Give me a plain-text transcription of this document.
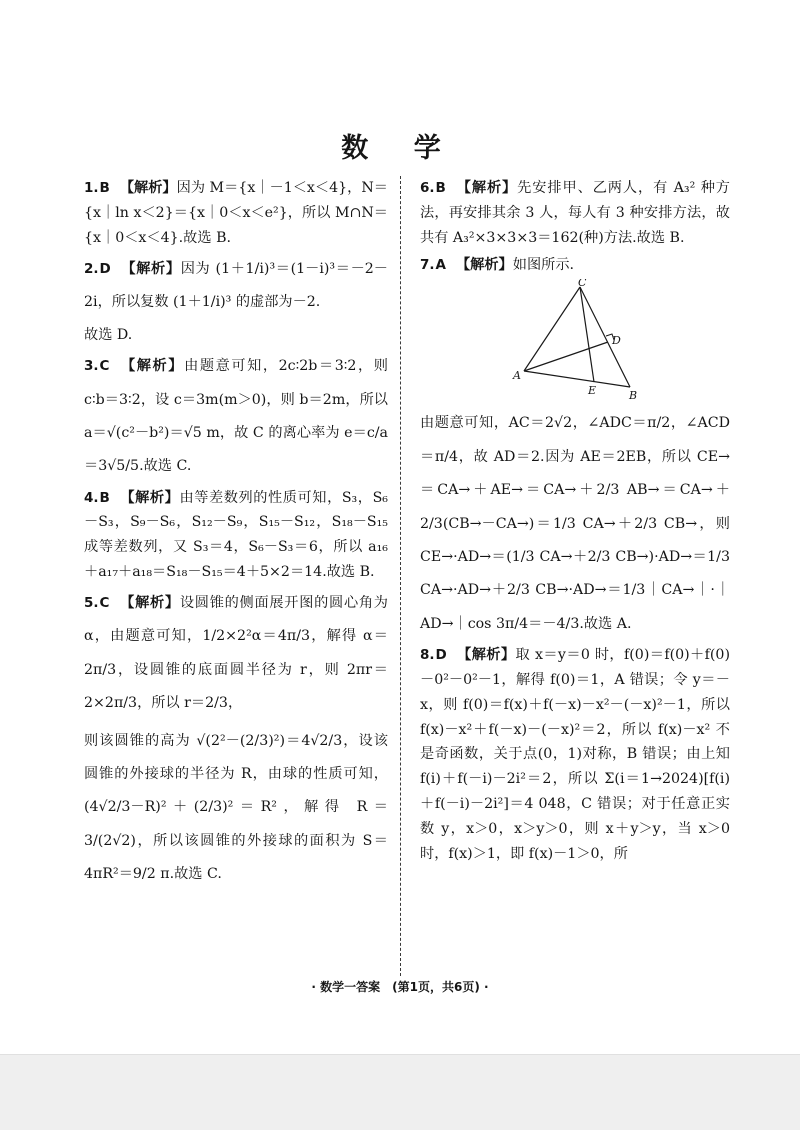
数 学

1.B 【解析】因为 M＝{x｜－1＜x＜4}，N＝{x｜ln x＜2}＝{x｜0＜x＜e²}，所以 M∩N＝{x｜0＜x＜4}.故选 B.

2.D 【解析】因为 (1＋1/i)³＝(1－i)³＝－2－2i，所以复数 (1＋1/i)³ 的虚部为－2.

故选 D.

3.C 【解析】由题意可知，2c∶2b＝3∶2，则 c∶b＝3∶2，设 c＝3m(m＞0)，则 b＝2m，所以 a＝√(c²－b²)＝√5 m，故 C 的离心率为 e＝c/a＝3√5/5.故选 C.

4.B 【解析】由等差数列的性质可知，S₃，S₆－S₃，S₉－S₆，S₁₂－S₉，S₁₅－S₁₂，S₁₈－S₁₅ 成等差数列，又 S₃＝4，S₆－S₃＝6，所以 a₁₆＋a₁₇＋a₁₈＝S₁₈－S₁₅＝4＋5×2＝14.故选 B.

5.C 【解析】设圆锥的侧面展开图的圆心角为 α，由题意可知，1/2×2²α＝4π/3，解得 α＝2π/3，设圆锥的底面圆半径为 r，则 2πr＝2×2π/3，所以 r＝2/3，

则该圆锥的高为 √(2²－(2/3)²)＝4√2/3，设该圆锥的外接球的半径为 R，由球的性质可知，(4√2/3－R)²＋(2/3)²＝R²，解得 R＝3/(2√2)，所以该圆锥的外接球的面积为 S＝4πR²＝9/2 π.故选 C.

6.B 【解析】先安排甲、乙两人，有 A₃² 种方法，再安排其余 3 人，每人有 3 种安排方法，故共有 A₃²×3×3×3＝162(种)方法.故选 B.

7.A 【解析】如图所示.

C
D
A
E	B

由题意可知，AC＝2√2，∠ADC＝π/2，∠ACD＝π/4，故 AD＝2.因为 AE＝2EB，所以 CE→＝CA→＋AE→＝CA→＋2/3 AB→＝CA→＋2/3(CB→－CA→)＝1/3 CA→＋2/3 CB→，则 CE→·AD→＝(1/3 CA→＋2/3 CB→)·AD→＝1/3 CA→·AD→＋2/3 CB→·AD→＝1/3｜CA→｜·｜AD→｜cos 3π/4＝－4/3.故选 A.

8.D 【解析】取 x＝y＝0 时，f(0)＝f(0)＋f(0)－0²－0²－1，解得 f(0)＝1，A 错误；令 y＝－x，则 f(0)＝f(x)＋f(－x)－x²－(－x)²－1，所以 f(x)－x²＋f(－x)－(－x)²＝2，所以 f(x)－x² 不是奇函数，关于点(0，1)对称，B 错误；由上知 f(i)＋f(－i)－2i²＝2，所以 Σ(i＝1→2024)[f(i)＋f(－i)－2i²]＝4 048，C 错误；对于任意正实数 y，x＞0，x＞y＞0，则 x＋y＞y，当 x＞0 时，f(x)＞1，即 f(x)－1＞0，所

· 数学一答案　(第1页，共6页) ·
